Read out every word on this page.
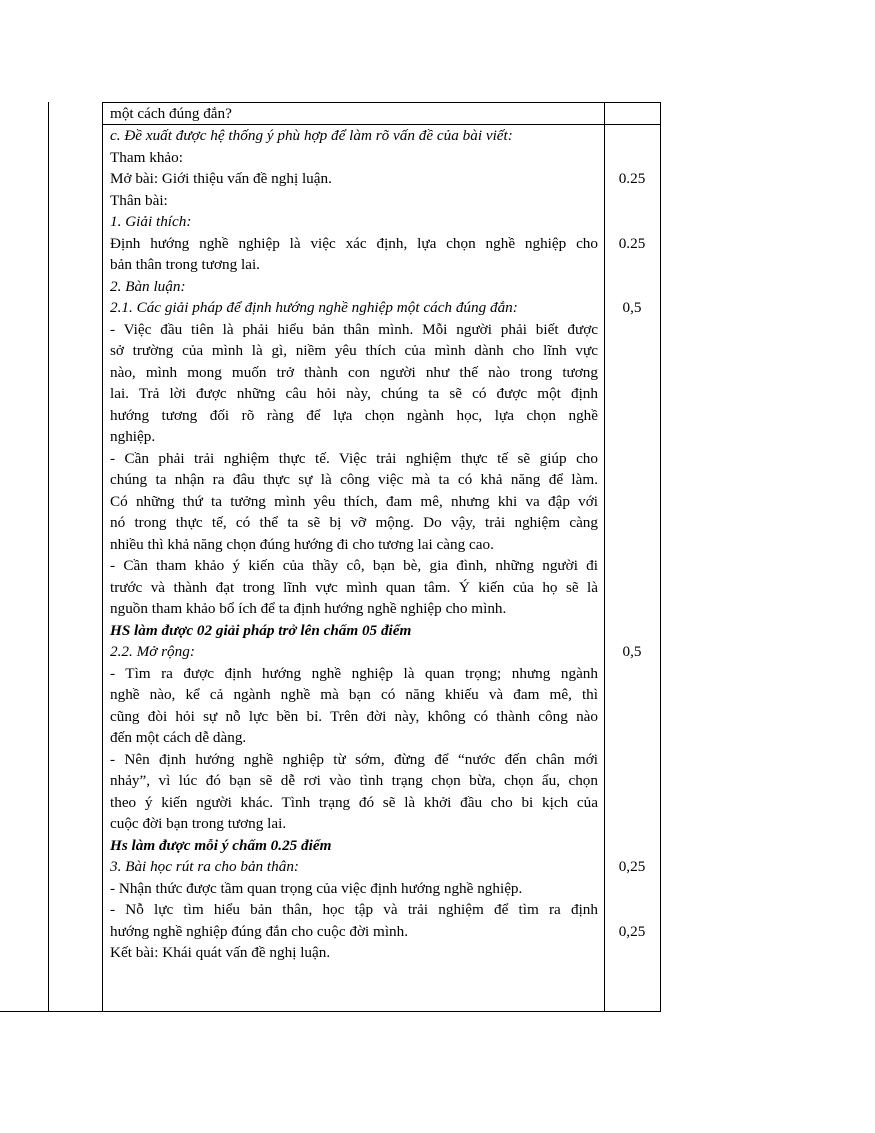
một cách đúng đắn?
c. Đề xuất được hệ thống ý phù hợp để làm rõ vấn đề của bài viết:
Tham khảo:
Mở bài: Giới thiệu vấn đề nghị luận.
Thân bài:
1. Giải thích:
Định hướng nghề nghiệp là việc xác định, lựa chọn nghề nghiệp cho
bản thân trong tương lai.
2. Bàn luận:
2.1. Các giải pháp để định hướng nghề nghiệp một cách đúng đắn:
- Việc đầu tiên là phải hiểu bản thân mình. Mỗi người phải biết được
sở trường của mình là gì, niềm yêu thích của mình dành cho lĩnh vực
nào, mình mong muốn trở thành con người như thế nào trong tương
lai. Trả lời được những câu hỏi này, chúng ta sẽ có được một định
hướng tương đối rõ ràng để lựa chọn ngành học, lựa chọn nghề
nghiệp.
- Cần phải trải nghiệm thực tế. Việc trải nghiệm thực tế sẽ giúp cho
chúng ta nhận ra đâu thực sự là công việc mà ta có khả năng để làm.
Có những thứ ta tưởng mình yêu thích, đam mê, nhưng khi va đập với
nó trong thực tế, có thể ta sẽ bị vỡ mộng. Do vậy, trải nghiệm càng
nhiều thì khả năng chọn đúng hướng đi cho tương lai càng cao.
- Cần tham khảo ý kiến của thầy cô, bạn bè, gia đình, những người đi
trước và thành đạt trong lĩnh vực mình quan tâm. Ý kiến của họ sẽ là
nguồn tham khảo bổ ích để ta định hướng nghề nghiệp cho mình.
HS làm được 02 giải pháp trở lên chấm 05 điểm
2.2. Mở rộng:
- Tìm ra được định hướng nghề nghiệp là quan trọng; nhưng ngành
nghề nào, kể cả ngành nghề mà bạn có năng khiếu và đam mê, thì
cũng đòi hỏi sự nỗ lực bền bỉ. Trên đời này, không có thành công nào
đến một cách dễ dàng.
- Nên định hướng nghề nghiệp từ sớm, đừng để “nước đến chân mới
nhảy”, vì lúc đó bạn sẽ dễ rơi vào tình trạng chọn bừa, chọn ẩu, chọn
theo ý kiến người khác. Tình trạng đó sẽ là khởi đầu cho bi kịch của
cuộc đời bạn trong tương lai.
Hs làm được mỗi ý chấm 0.25 điểm
3. Bài học rút ra cho bản thân:
- Nhận thức được tầm quan trọng của việc định hướng nghề nghiệp.
- Nỗ lực tìm hiểu bản thân, học tập và trải nghiệm để tìm ra định
hướng nghề nghiệp đúng đắn cho cuộc đời mình.
Kết bài: Khái quát vấn đề nghị luận.
0.25
0.25
0,5
0,5
0,25
0,25
